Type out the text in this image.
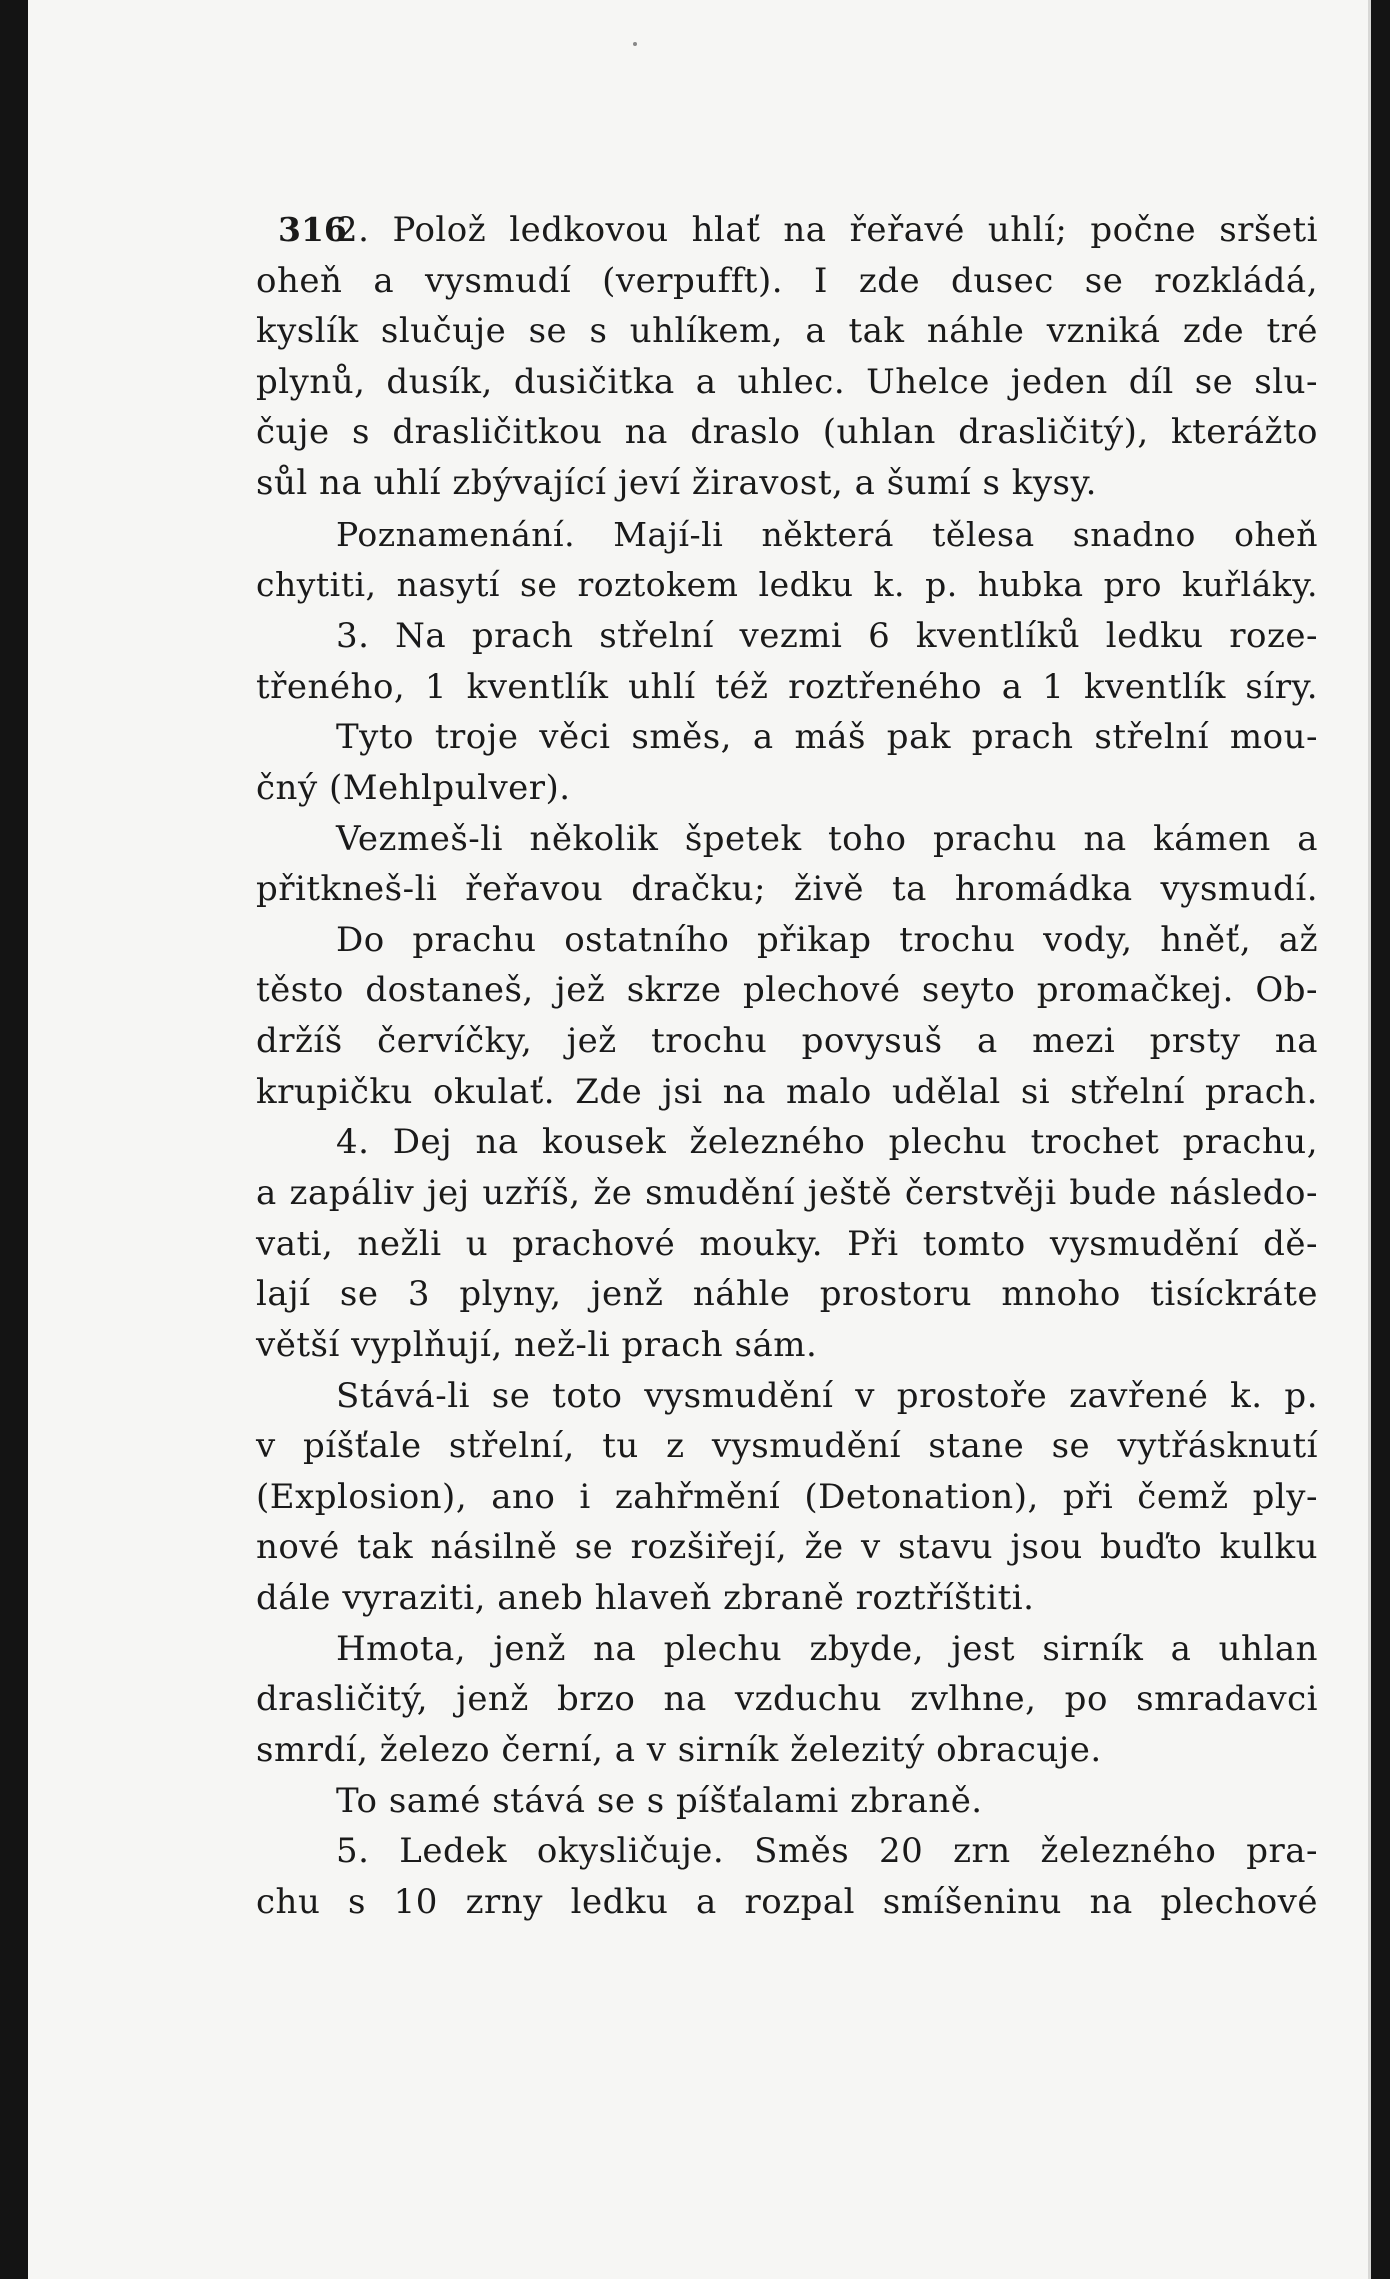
316
2. Polož ledkovou hlať na řeřavé uhlí; počne sršeti
oheň a vysmudí (verpufft). I zde dusec se rozkládá,
kyslík slučuje se s uhlíkem, a tak náhle vzniká zde tré
plynů, dusík, dusičitka a uhlec. Uhelce jeden díl se slu-
čuje s drasličitkou na draslo (uhlan drasličitý), kterážto
sůl na uhlí zbývající jeví žiravost, a šumí s kysy.
Poznamenání. Mají-li některá tělesa snadno oheň
chytiti, nasytí se roztokem ledku k. p. hubka pro kuřláky.
3. Na prach střelní vezmi 6 kventlíků ledku roze-
třeného, 1 kventlík uhlí též roztřeného a 1 kventlík síry.
Tyto troje věci směs, a máš pak prach střelní mou-
čný (Mehlpulver).
Vezmeš-li několik špetek toho prachu na kámen a
přitkneš-li řeřavou dračku; živě ta hromádka vysmudí.
Do prachu ostatního přikap trochu vody, hněť, až
těsto dostaneš, jež skrze plechové seyto promačkej. Ob-
držíš červíčky, jež trochu povysuš a mezi prsty na
krupičku okulať. Zde jsi na malo udělal si střelní prach.
4. Dej na kousek železného plechu trochet prachu,
a zapáliv jej uzříš, že smudění ještě čerstvěji bude následo-
vati, nežli u prachové mouky. Při tomto vysmudění dě-
lají se 3 plyny, jenž náhle prostoru mnoho tisíckráte
větší vyplňují, než-li prach sám.
Stává-li se toto vysmudění v prostoře zavřené k. p.
v píšťale střelní, tu z vysmudění stane se vytřásknutí
(Explosion), ano i zahřmění (Detonation), při čemž ply-
nové tak násilně se rozšiřejí, že v stavu jsou buďto kulku
dále vyraziti, aneb hlaveň zbraně roztříštiti.
Hmota, jenž na plechu zbyde, jest sirník a uhlan
drasličitý, jenž brzo na vzduchu zvlhne, po smradavci
smrdí, železo černí, a v sirník železitý obracuje.
To samé stává se s píšťalami zbraně.
5. Ledek okysličuje. Směs 20 zrn železného pra-
chu s 10 zrny ledku a rozpal smíšeninu na plechové
